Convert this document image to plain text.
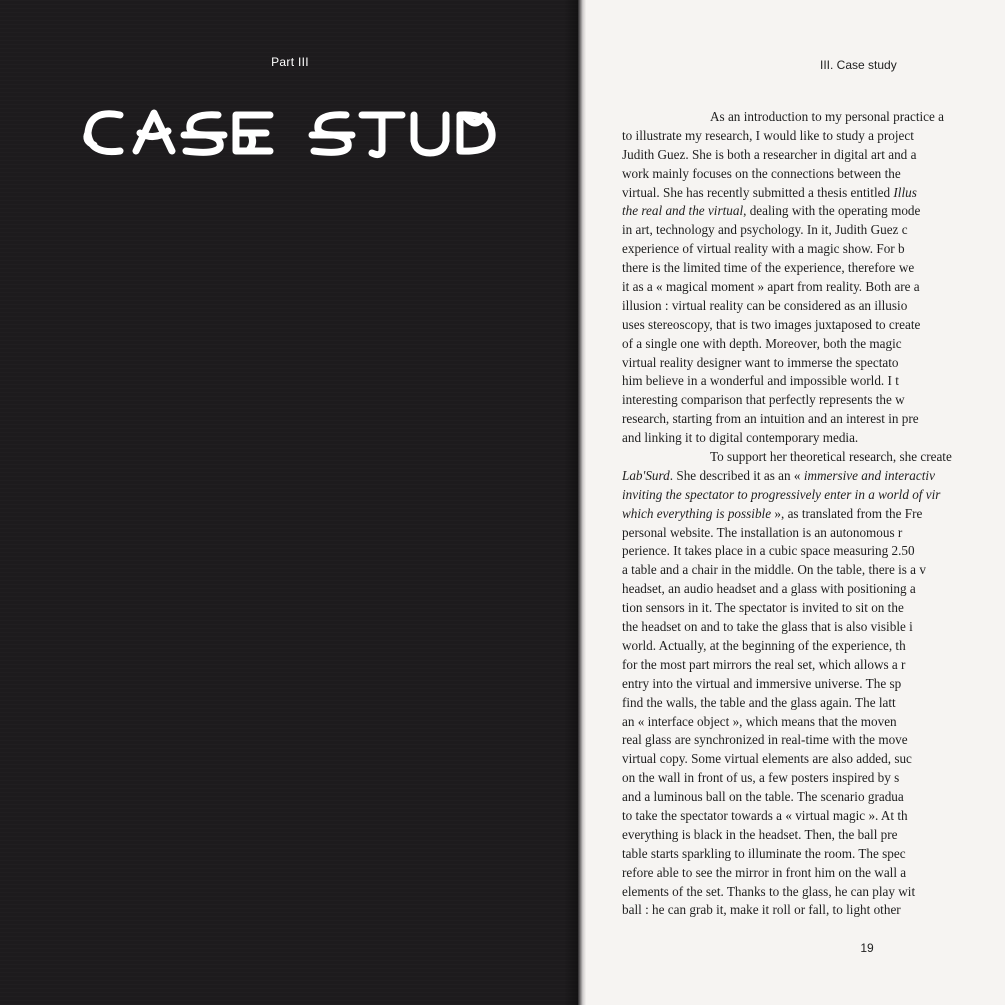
Part III	III. Case study
As an introduction to my personal practice a
to illustrate my research, I would like to study a project
Judith Guez. She is both a researcher in digital art and a
work mainly focuses on the connections between the
virtual. She has recently submitted a thesis entitled Illus
the real and the virtual, dealing with the operating mode
in art, technology and psychology. In it, Judith Guez c
experience of virtual reality with a magic show. For b
there is the limited time of the experience, therefore we
it as a « magical moment » apart from reality. Both are a
illusion : virtual reality can be considered as an illusio
uses stereoscopy, that is two images juxtaposed to create
of a single one with depth. Moreover, both the magic
virtual reality designer want to immerse the spectato
him believe in a wonderful and impossible world. I t
interesting comparison that perfectly represents the w
research, starting from an intuition and an interest in pre
and linking it to digital contemporary media.
To support her theoretical research, she create
Lab'Surd. She described it as an « immersive and interactiv
inviting the spectator to progressively enter in a world of vir
which everything is possible », as translated from the Fre
personal website. The installation is an autonomous r
perience. It takes place in a cubic space measuring 2.50
a table and a chair in the middle. On the table, there is a v
headset, an audio headset and a glass with positioning a
tion sensors in it. The spectator is invited to sit on the
the headset on and to take the glass that is also visible i
world. Actually, at the beginning of the experience, th
for the most part mirrors the real set, which allows a r
entry into the virtual and immersive universe. The sp
find the walls, the table and the glass again. The latt
an « interface object », which means that the moven
real glass are synchronized in real-time with the move
virtual copy. Some virtual elements are also added, suc
on the wall in front of us, a few posters inspired by s
and a luminous ball on the table. The scenario gradua
to take the spectator towards a « virtual magic ». At th
everything is black in the headset. Then, the ball pre
table starts sparkling to illuminate the room. The spec
refore able to see the mirror in front him on the wall a
elements of the set. Thanks to the glass, he can play wit
ball : he can grab it, make it roll or fall, to light other
19
